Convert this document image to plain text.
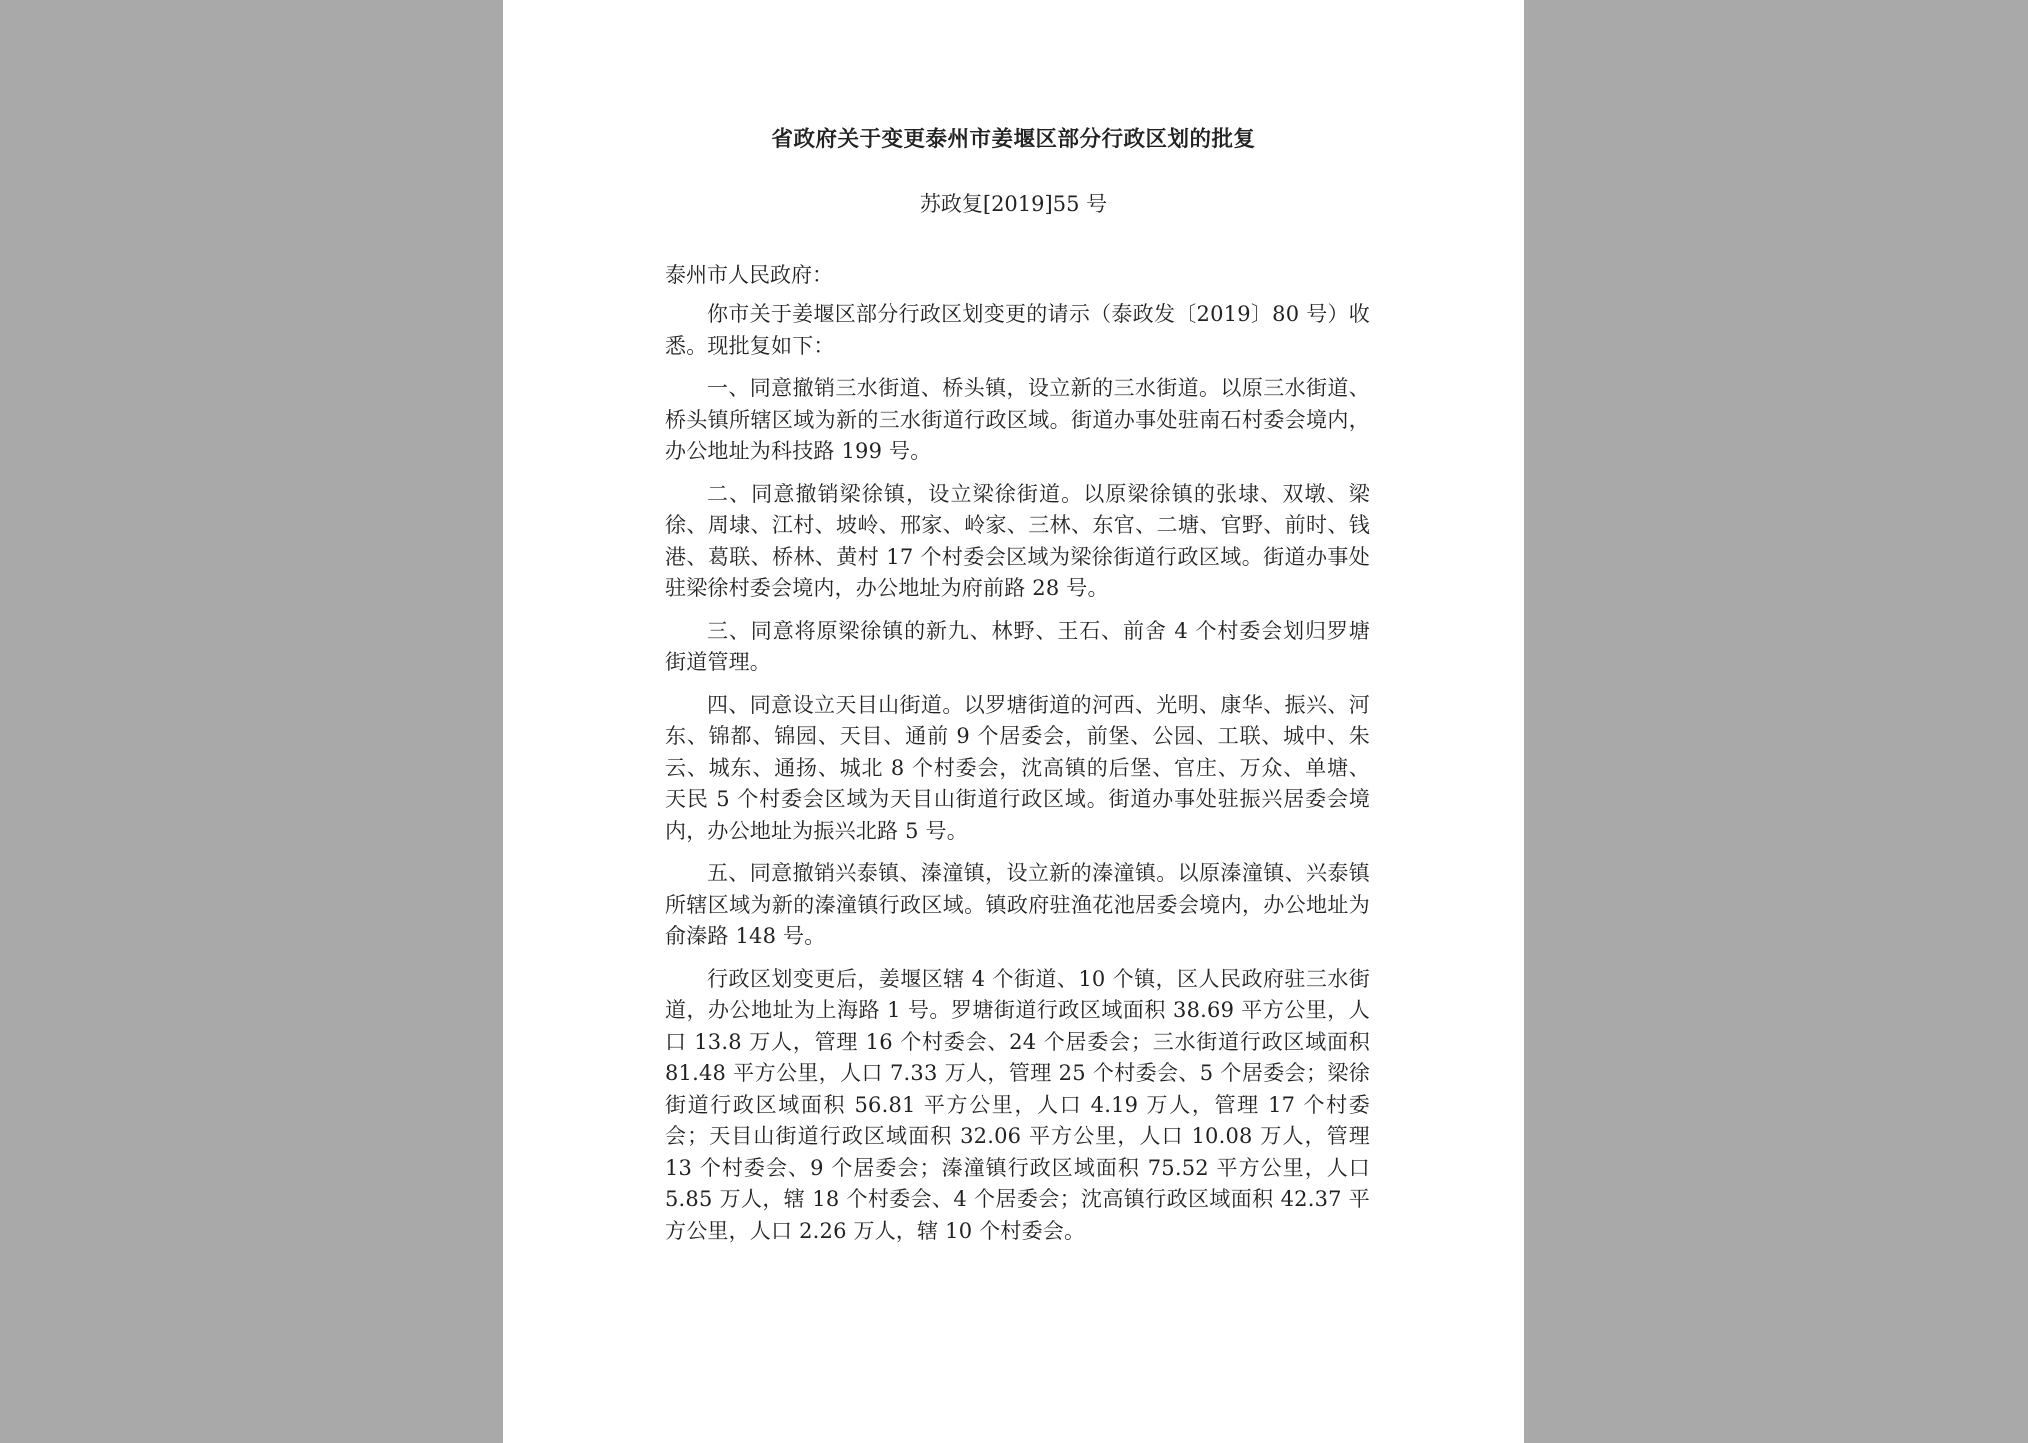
省政府关于变更泰州市姜堰区部分行政区划的批复

苏政复[2019]55 号

泰州市人民政府：

你市关于姜堰区部分行政区划变更的请示（泰政发〔2019〕80 号）收悉。现批复如下：

一、同意撤销三水街道、桥头镇，设立新的三水街道。以原三水街道、桥头镇所辖区域为新的三水街道行政区域。街道办事处驻南石村委会境内，办公地址为科技路 199 号。

二、同意撤销梁徐镇，设立梁徐街道。以原梁徐镇的张埭、双墩、梁徐、周埭、江村、坡岭、邢家、岭家、三林、东官、二塘、官野、前时、钱港、葛联、桥林、黄村 17 个村委会区域为梁徐街道行政区域。街道办事处驻梁徐村委会境内，办公地址为府前路 28 号。

三、同意将原梁徐镇的新九、林野、王石、前舍 4 个村委会划归罗塘街道管理。

四、同意设立天目山街道。以罗塘街道的河西、光明、康华、振兴、河东、锦都、锦园、天目、通前 9 个居委会，前堡、公园、工联、城中、朱云、城东、通扬、城北 8 个村委会，沈高镇的后堡、官庄、万众、单塘、天民 5 个村委会区域为天目山街道行政区域。街道办事处驻振兴居委会境内，办公地址为振兴北路 5 号。

五、同意撤销兴泰镇、溱潼镇，设立新的溱潼镇。以原溱潼镇、兴泰镇所辖区域为新的溱潼镇行政区域。镇政府驻渔花池居委会境内，办公地址为俞溱路 148 号。

行政区划变更后，姜堰区辖 4 个街道、10 个镇，区人民政府驻三水街道，办公地址为上海路 1 号。罗塘街道行政区域面积 38.69 平方公里，人口 13.8 万人，管理 16 个村委会、24 个居委会；三水街道行政区域面积 81.48 平方公里，人口 7.33 万人，管理 25 个村委会、5 个居委会；梁徐街道行政区域面积 56.81 平方公里，人口 4.19 万人，管理 17 个村委会；天目山街道行政区域面积 32.06 平方公里，人口 10.08 万人，管理 13 个村委会、9 个居委会；溱潼镇行政区域面积 75.52 平方公里，人口 5.85 万人，辖 18 个村委会、4 个居委会；沈高镇行政区域面积 42.37 平方公里，人口 2.26 万人，辖 10 个村委会。
